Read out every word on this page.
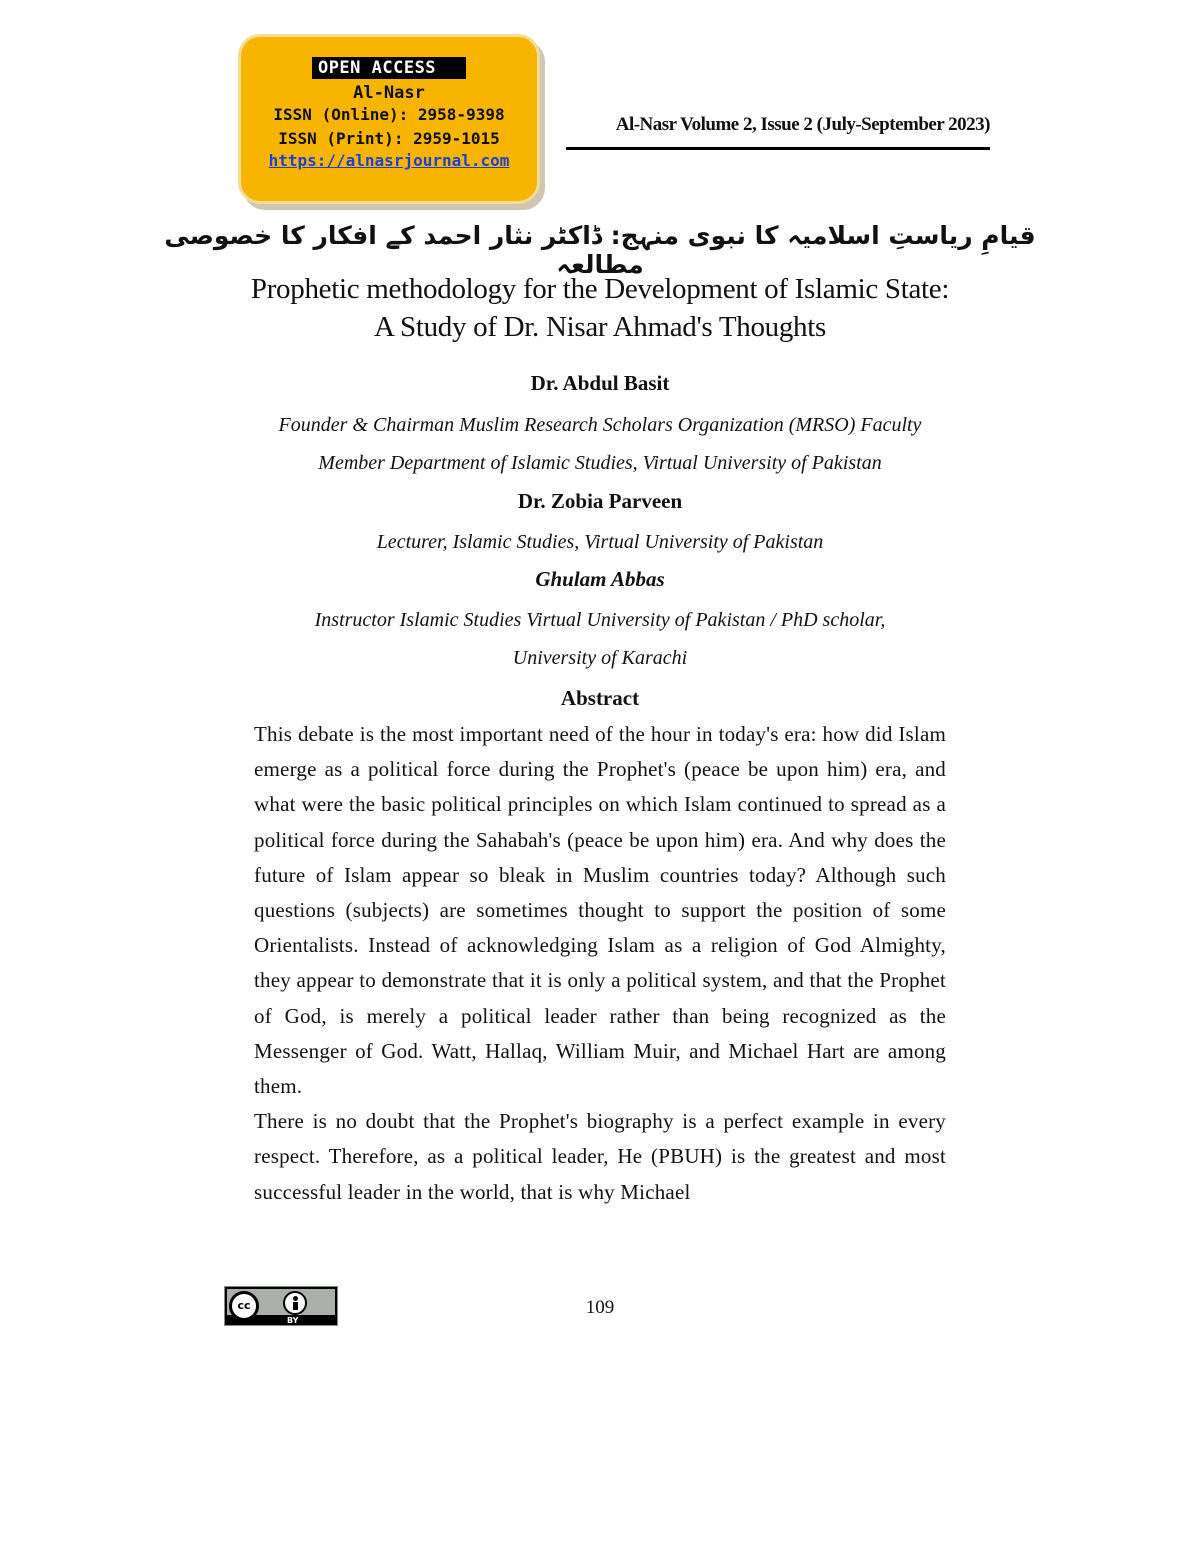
OPEN ACCESS
Al-Nasr
ISSN (Online): 2958-9398
ISSN (Print): 2959-1015
https://alnasrjournal.com
Al-Nasr Volume 2, Issue 2 (July-September 2023)
قیامِ ریاستِ اسلامیہ کا نبوی منہج: ڈاکٹر نثار احمد کے افکار کا خصوصی مطالعہ
Prophetic methodology for the Development of Islamic State:
A Study of Dr. Nisar Ahmad's Thoughts
Dr. Abdul Basit
Founder & Chairman Muslim Research Scholars Organization (MRSO) Faculty
Member Department of Islamic Studies, Virtual University of Pakistan
Dr. Zobia Parveen
Lecturer, Islamic Studies, Virtual University of Pakistan
Ghulam Abbas
Instructor Islamic Studies Virtual University of Pakistan / PhD scholar,
University of Karachi
Abstract

This debate is the most important need of the hour in today's era: how did Islam emerge as a political force during the Prophet's (peace be upon him) era, and what were the basic political principles on which Islam continued to spread as a political force during the Sahabah's (peace be upon him) era. And why does the future of Islam appear so bleak in Muslim countries today? Although such questions (subjects) are sometimes thought to support the position of some Orientalists. Instead of acknowledging Islam as a religion of God Almighty, they appear to demonstrate that it is only a political system, and that the Prophet of God, is merely a political leader rather than being recognized as the Messenger of God. Watt, Hallaq, William Muir, and Michael Hart are among them.

There is no doubt that the Prophet's biography is a perfect example in every respect. Therefore, as a political leader, He (PBUH) is the greatest and most successful leader in the world, that is why Michael

cc
BY
109
